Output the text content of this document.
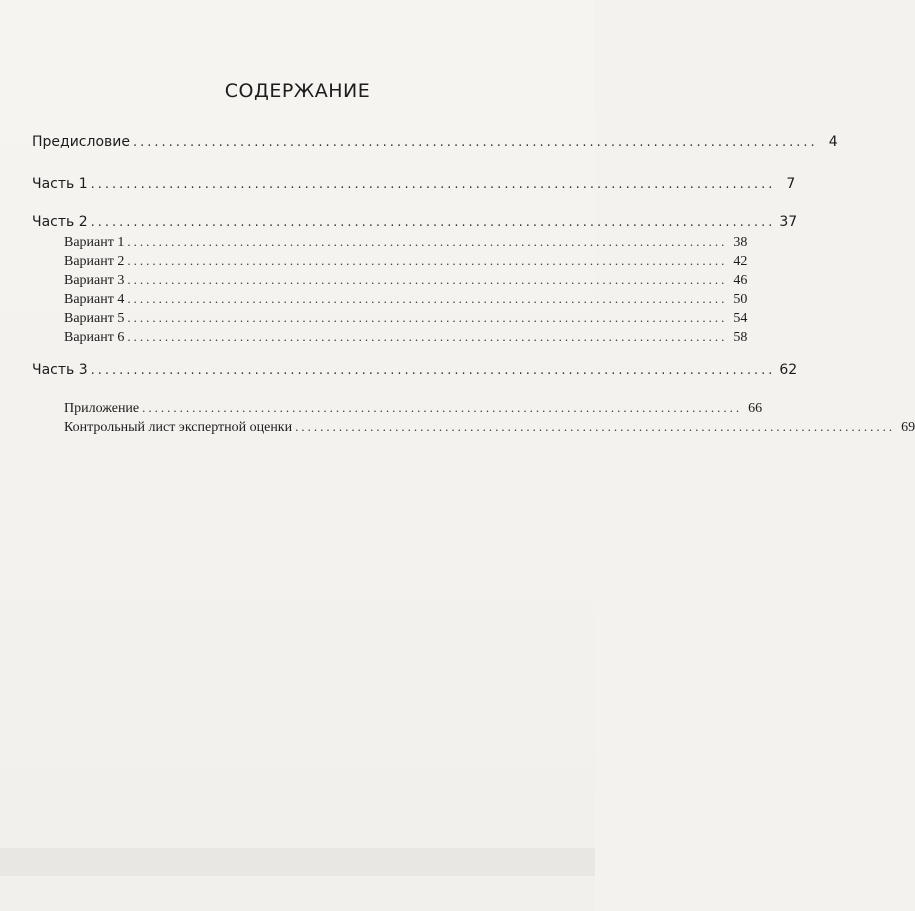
СОДЕРЖАНИЕ
Предисловие ................................................................................................ 4
Часть 1 ................................................................................................ 7
Часть 2 ................................................................................................ 37
Вариант 1 ................................................................................................ 38
Вариант 2 ................................................................................................ 42
Вариант 3 ................................................................................................ 46
Вариант 4 ................................................................................................ 50
Вариант 5 ................................................................................................ 54
Вариант 6 ................................................................................................ 58
Часть 3 ................................................................................................ 62
Приложение ................................................................................................ 66
Контрольный лист экспертной оценки ................................................................................................ 69
